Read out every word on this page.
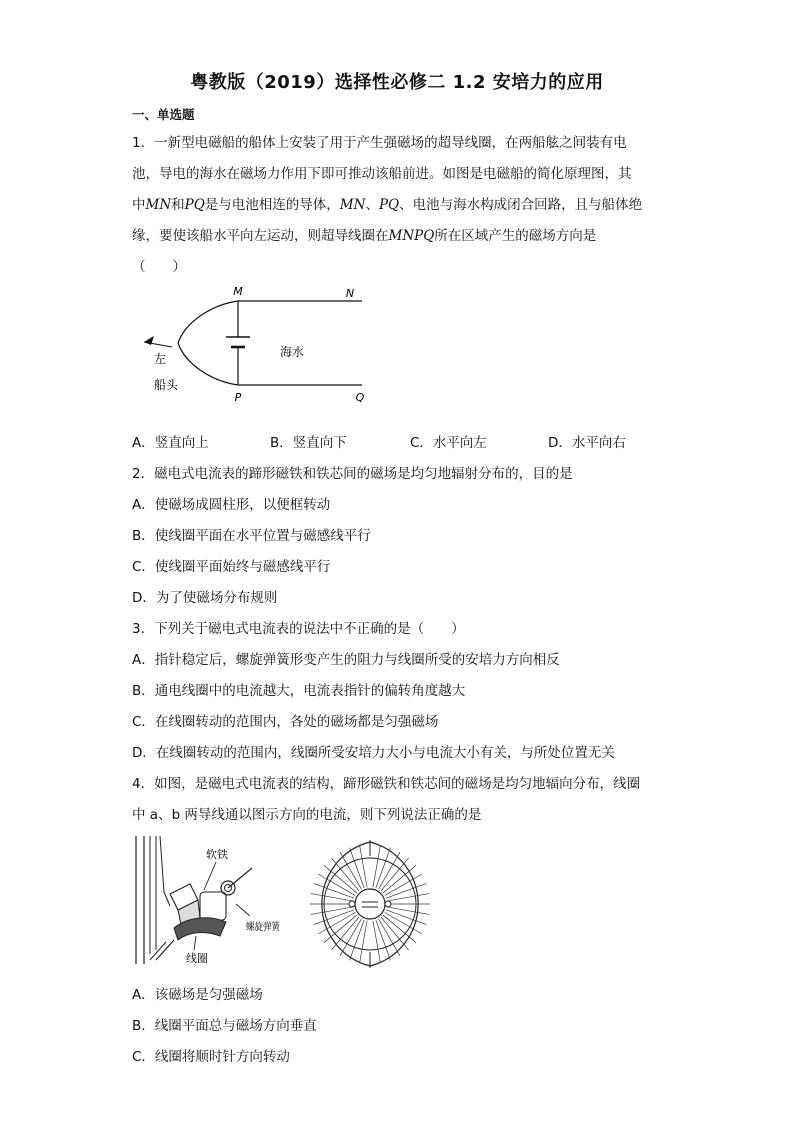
粤教版（2019）选择性必修二 1.2 安培力的应用
一、单选题
1．一新型电磁船的船体上安装了用于产生强磁场的超导线圈，在两船舷之间装有电
池，导电的海水在磁场力作用下即可推动该船前进。如图是电磁船的简化原理图，其
中MN和PQ是与电池相连的导体，MN、PQ、电池与海水构成闭合回路，且与船体绝
缘，要使该船水平向左运动，则超导线圈在MNPQ所在区域产生的磁场方向是
（　　）
M	N
P	Q
海水
左
船头
A．竖直向上	B．竖直向下	C．水平向左	D．水平向右
2．磁电式电流表的蹄形磁铁和铁芯间的磁场是均匀地辐射分布的，目的是
A．使磁场成圆柱形，以便框转动
B．使线圈平面在水平位置与磁感线平行
C．使线圈平面始终与磁感线平行
D．为了使磁场分布规则
3．下列关于磁电式电流表的说法中不正确的是（　　）
A．指针稳定后，螺旋弹簧形变产生的阻力与线圈所受的安培力方向相反
B．通电线圈中的电流越大，电流表指针的偏转角度越大
C．在线圈转动的范围内，各处的磁场都是匀强磁场
D．在线圈转动的范围内，线圈所受安培力大小与电流大小有关，与所处位置无关
4．如图，是磁电式电流表的结构，蹄形磁铁和铁芯间的磁场是均匀地辐向分布，线圈
中 a、b 两导线通以图示方向的电流，则下列说法正确的是
软铁
螺旋弹簧
线圈
A．该磁场是匀强磁场
B．线圈平面总与磁场方向垂直
C．线圈将顺时针方向转动
